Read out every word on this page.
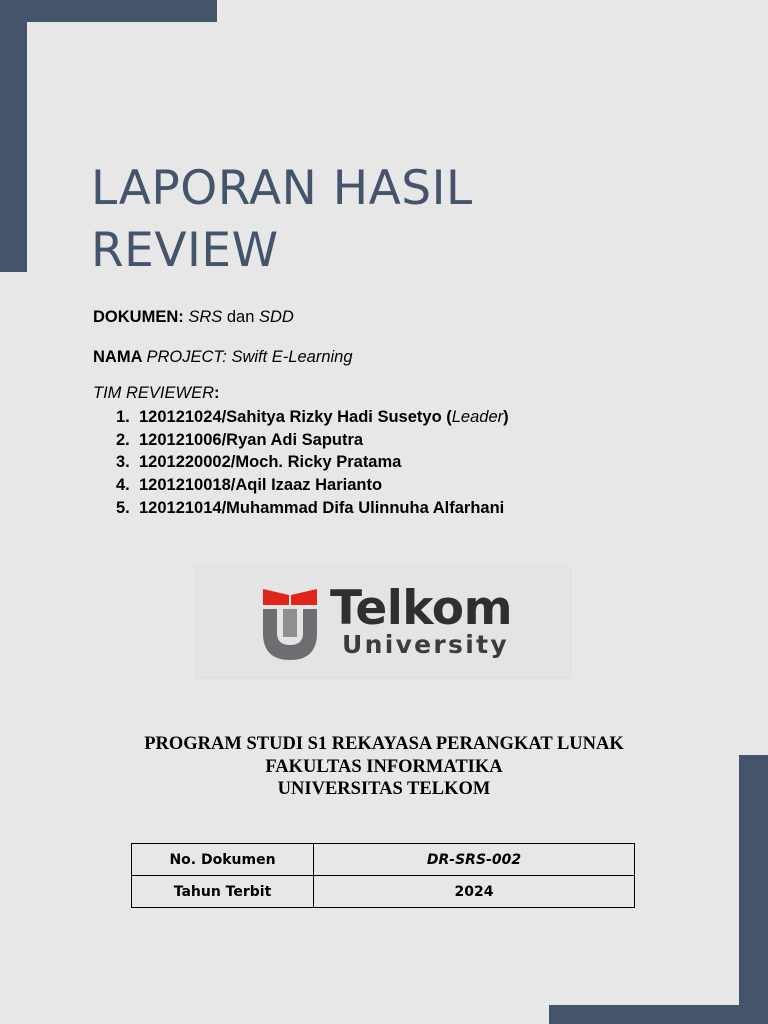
LAPORAN HASIL
REVIEW
DOKUMEN: SRS dan SDD
NAMA PROJECT: Swift E-Learning
TIM REVIEWER:
1. 120121024/Sahitya Rizky Hadi Susetyo (Leader)
2. 120121006/Ryan Adi Saputra
3. 1201220002/Moch. Ricky Pratama
4. 1201210018/Aqil Izaaz Harianto
5. 120121014/Muhammad Difa Ulinnuha Alfarhani
Telkom
University
PROGRAM STUDI S1 REKAYASA PERANGKAT LUNAK
FAKULTAS INFORMATIKA
UNIVERSITAS TELKOM
No. Dokumen	DR-SRS-002
Tahun Terbit	2024
